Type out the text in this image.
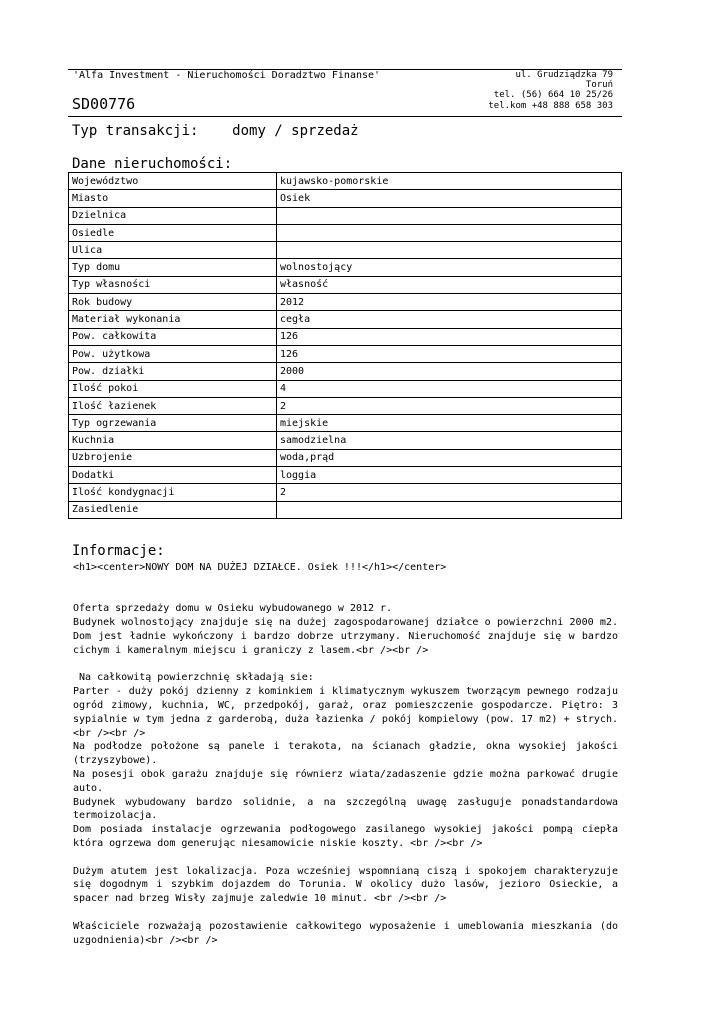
'Alfa Investment - Nieruchomości Doradztwo Finanse'
SD00776
ul. Grudziądzka 79
Toruń
tel. (56) 664 10 25/26
tel.kom +48 888 658 303
Typ transakcji: domy / sprzedaż
Dane nieruchomości:
Województwo	kujawsko-pomorskie
Miasto	Osiek
Dzielnica	
Osiedle	
Ulica	
Typ domu	wolnostojący
Typ własności	własność
Rok budowy	2012
Materiał wykonania	cegła
Pow. całkowita	126
Pow. użytkowa	126
Pow. działki	2000
Ilość pokoi	4
Ilość łazienek	2
Typ ogrzewania	miejskie
Kuchnia	samodzielna
Uzbrojenie	woda,prąd
Dodatki	loggia
Ilość kondygnacji	2
Zasiedlenie	
Informacje:

<h1><center>NOWY DOM NA DUŻEJ DZIAŁCE. Osiek !!!</h1></center>

Oferta sprzedaży domu w Osieku wybudowanego w 2012 r.

Budynek wolnostojący znajduje się na dużej zagospodarowanej działce o powierzchni 2000 m2. Dom jest ładnie wykończony i bardzo dobrze utrzymany. Nieruchomość znajduje się w bardzo cichym i kameralnym miejscu i graniczy z lasem.<br /><br />

Na całkowitą powierzchnię składają sie:

Parter - duży pokój dzienny z kominkiem i klimatycznym wykuszem tworzącym pewnego rodzaju ogród zimowy, kuchnia, WC, przedpokój, garaż, oraz pomieszczenie gospodarcze. Piętro: 3 sypialnie w tym jedna z garderobą, duża łazienka / pokój kompielowy (pow. 17 m2) + strych.<br /><br />

Na podłodze położone są panele i terakota, na ścianach gładzie, okna wysokiej jakości (trzyszybowe).

Na posesji obok garażu znajduje się równierz wiata/zadaszenie gdzie można parkować drugie auto.

Budynek wybudowany bardzo solidnie, a na szczególną uwagę zasługuje ponadstandardowa termoizolacja.

Dom posiada instalacje ogrzewania podłogowego zasilanego wysokiej jakości pompą ciepła która ogrzewa dom generując niesamowicie niskie koszty. <br /><br />

Dużym atutem jest lokalizacja. Poza wcześniej wspomnianą ciszą i spokojem charakteryzuje się dogodnym i szybkim dojazdem do Torunia. W okolicy dużo lasów, jezioro Osieckie, a spacer nad brzeg Wisły zajmuje zaledwie 10 minut. <br /><br />

Właściciele rozważają pozostawienie całkowitego wyposażenie i umeblowania mieszkania (do uzgodnienia)<br /><br />
